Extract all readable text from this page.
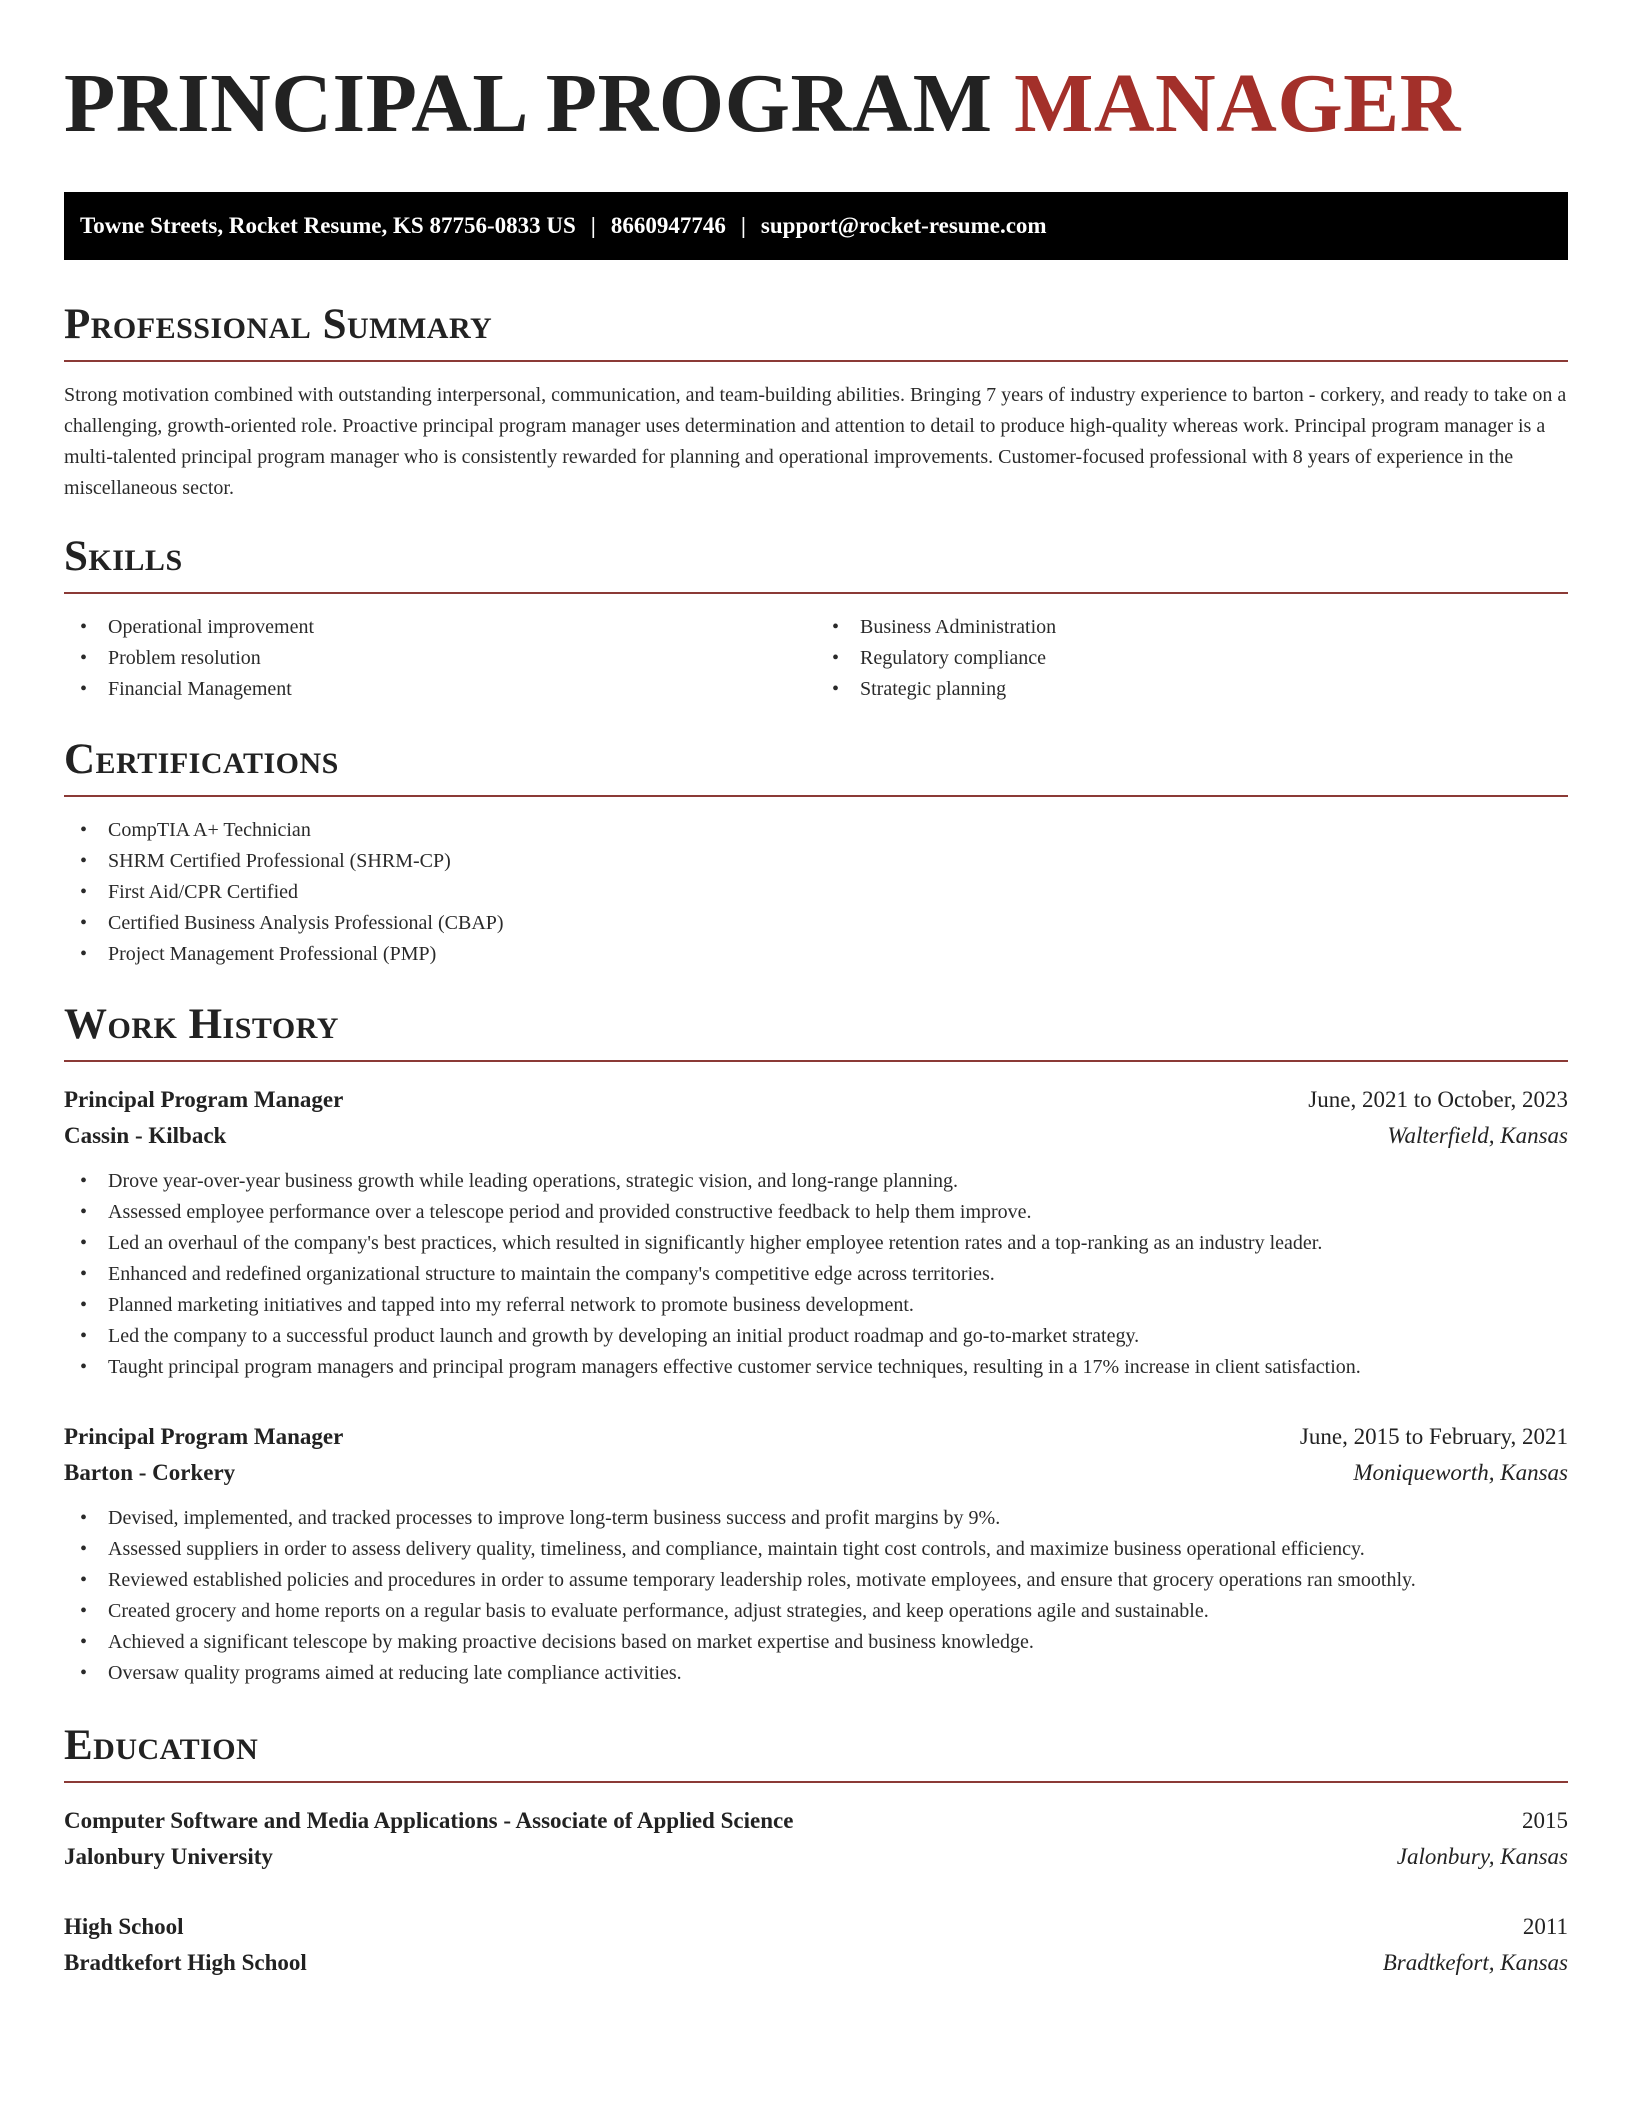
PRINCIPAL PROGRAM MANAGER
Towne Streets, Rocket Resume, KS 87756-0833 US | 8660947746 | support@rocket-resume.com
Professional Summary

Strong motivation combined with outstanding interpersonal, communication, and team-building abilities. Bringing 7 years of industry experience to barton - corkery, and ready to take on a challenging, growth-oriented role. Proactive principal program manager uses determination and attention to detail to produce high-quality whereas work. Principal program manager is a multi-talented principal program manager who is consistently rewarded for planning and operational improvements. Customer-focused professional with 8 years of experience in the miscellaneous sector.

Skills
• Operational improvement
• Problem resolution
• Financial Management
• Business Administration
• Regulatory compliance
• Strategic planning
Certifications
• CompTIA A+ Technician
• SHRM Certified Professional (SHRM-CP)
• First Aid/CPR Certified
• Certified Business Analysis Professional (CBAP)
• Project Management Professional (PMP)
Work History
Principal Program Manager	June, 2021 to October, 2023
Cassin - Kilback	Walterfield, Kansas
• Drove year-over-year business growth while leading operations, strategic vision, and long-range planning.
• Assessed employee performance over a telescope period and provided constructive feedback to help them improve.
• Led an overhaul of the company's best practices, which resulted in significantly higher employee retention rates and a top-ranking as an industry leader.
• Enhanced and redefined organizational structure to maintain the company's competitive edge across territories.
• Planned marketing initiatives and tapped into my referral network to promote business development.
• Led the company to a successful product launch and growth by developing an initial product roadmap and go-to-market strategy.
• Taught principal program managers and principal program managers effective customer service techniques, resulting in a 17% increase in client satisfaction.
Principal Program Manager	June, 2015 to February, 2021
Barton - Corkery	Moniqueworth, Kansas
• Devised, implemented, and tracked processes to improve long-term business success and profit margins by 9%.
• Assessed suppliers in order to assess delivery quality, timeliness, and compliance, maintain tight cost controls, and maximize business operational efficiency.
• Reviewed established policies and procedures in order to assume temporary leadership roles, motivate employees, and ensure that grocery operations ran smoothly.
• Created grocery and home reports on a regular basis to evaluate performance, adjust strategies, and keep operations agile and sustainable.
• Achieved a significant telescope by making proactive decisions based on market expertise and business knowledge.
• Oversaw quality programs aimed at reducing late compliance activities.
Education
Computer Software and Media Applications - Associate of Applied Science	2015
Jalonbury University	Jalonbury, Kansas
High School	2011
Bradtkefort High School	Bradtkefort, Kansas
